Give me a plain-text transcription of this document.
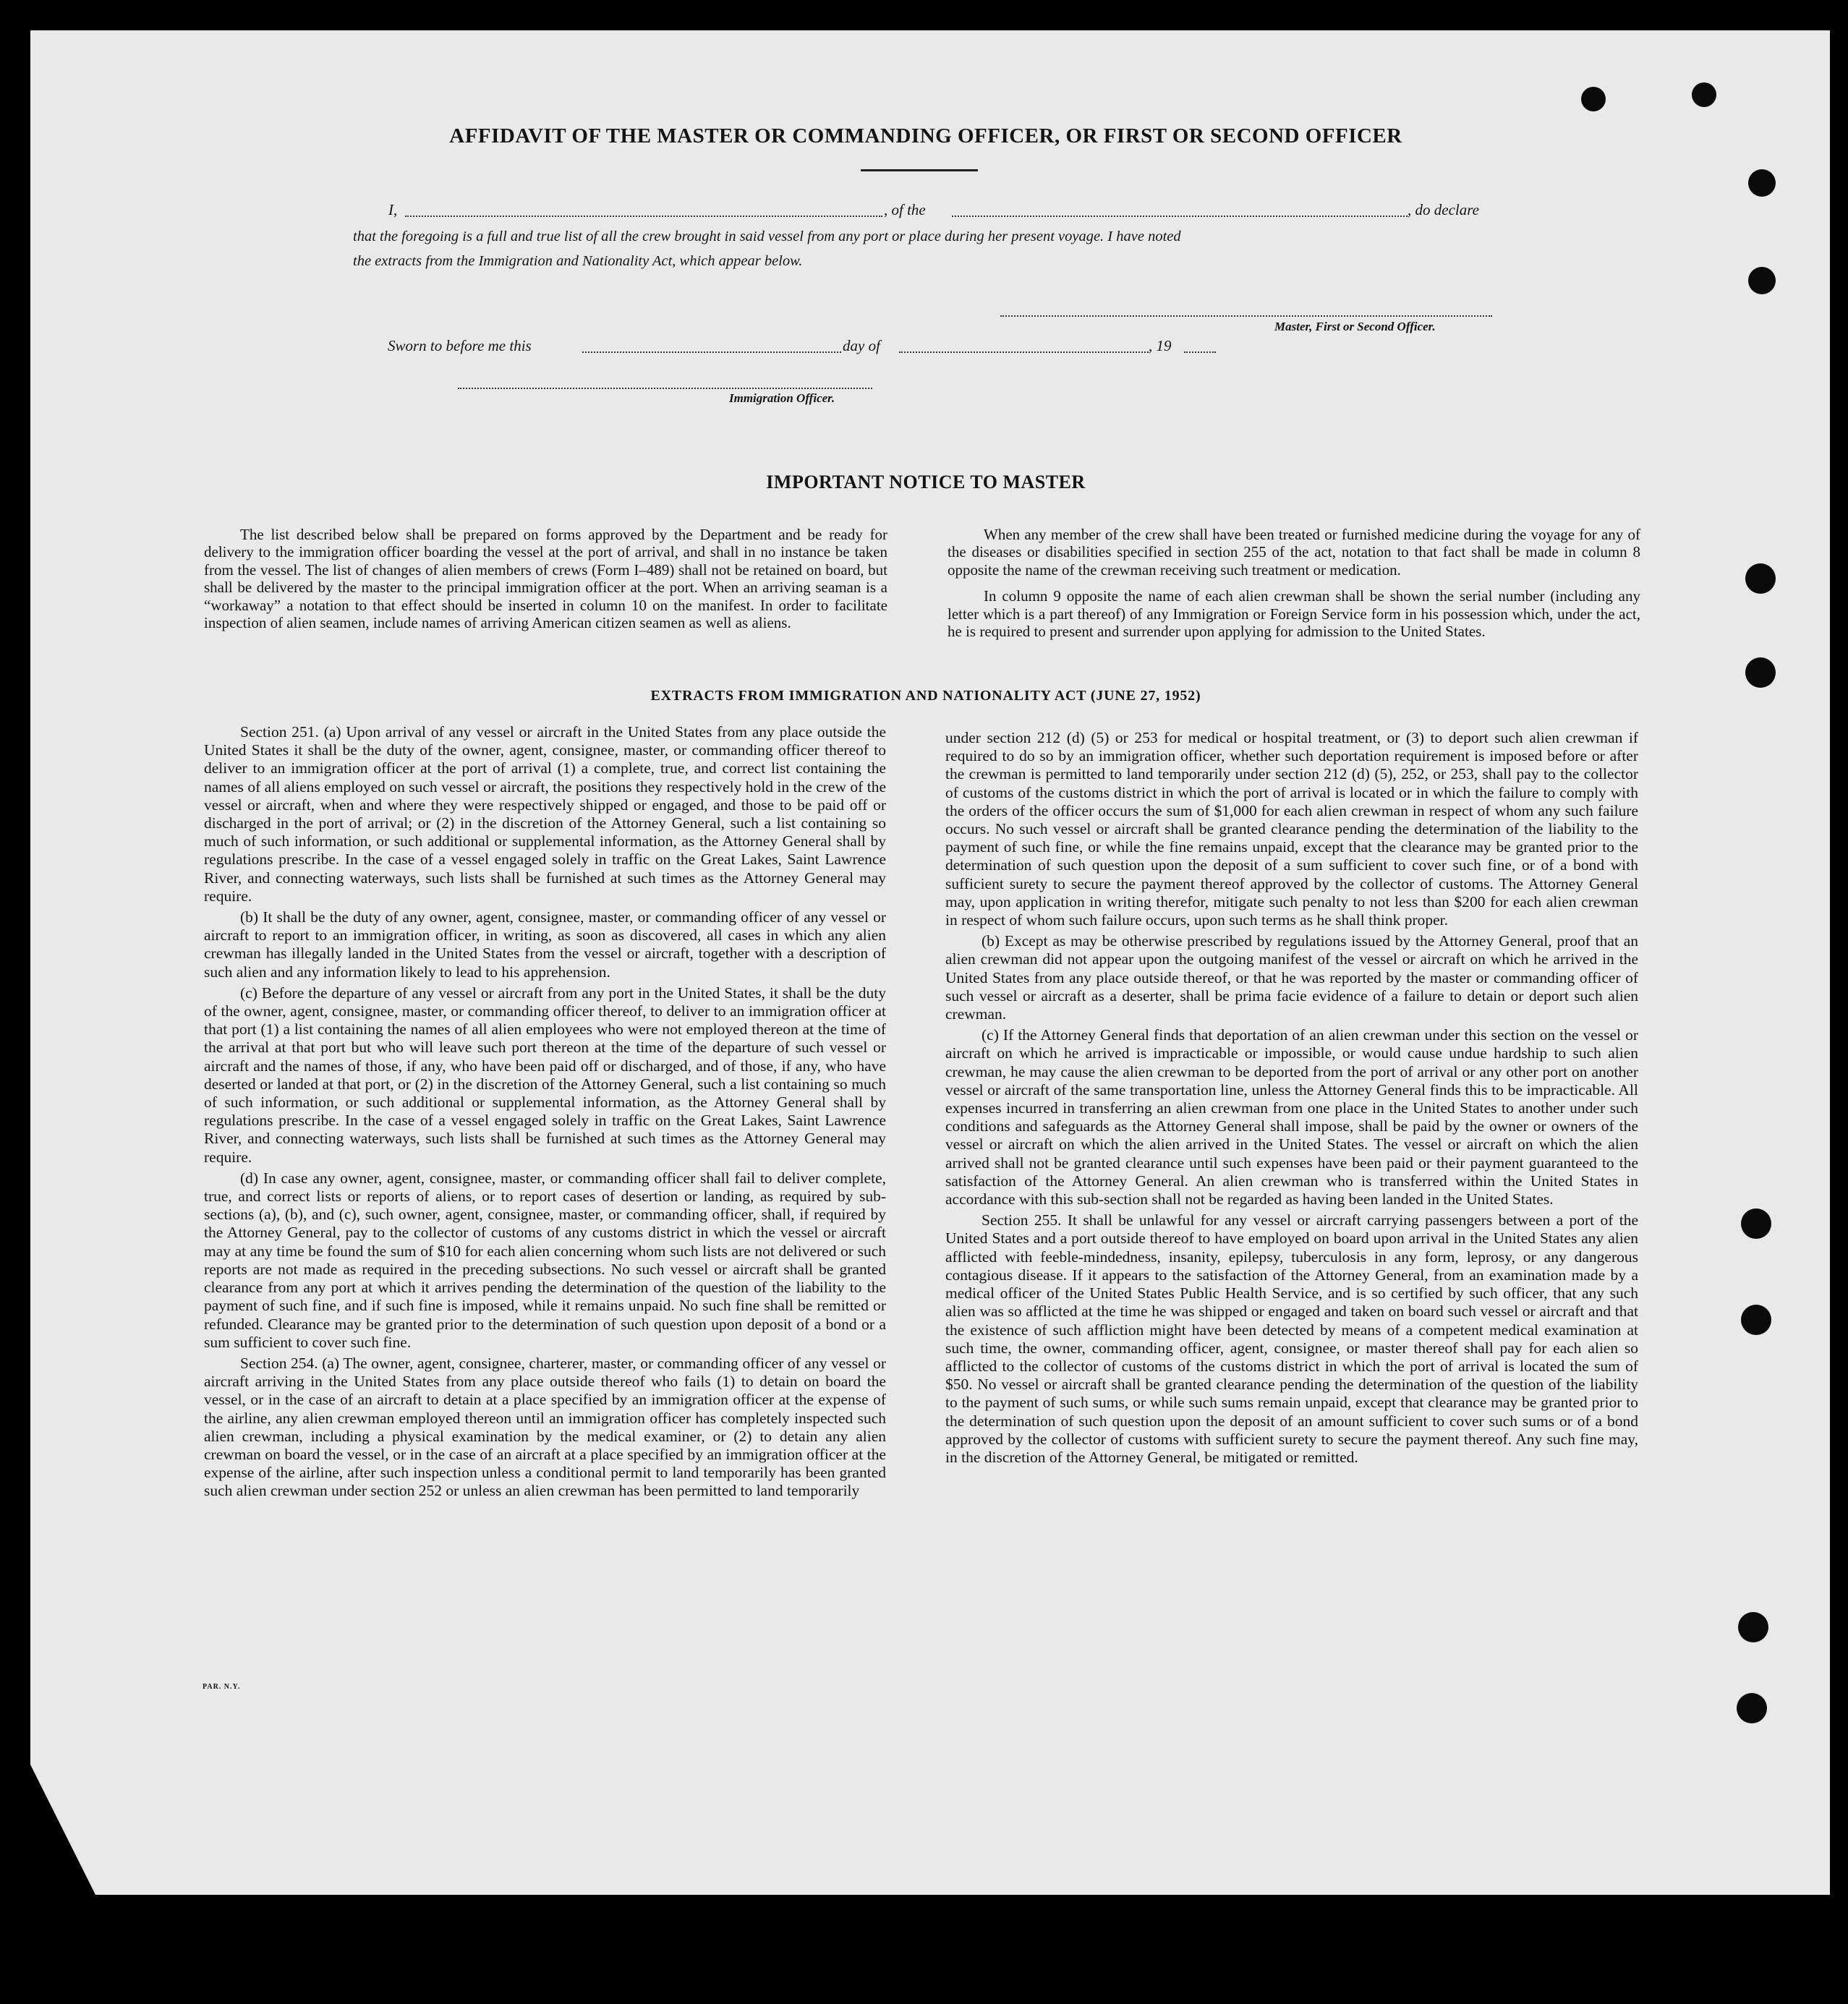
AFFIDAVIT OF THE MASTER OR COMMANDING OFFICER, OR FIRST OR SECOND OFFICER
I,	, of the	, do declare
that the foregoing is a full and true list of all the crew brought in said vessel from any port or place during her present voyage. I have noted
the extracts from the Immigration and Nationality Act, which appear below.
Master, First or Second Officer.
Sworn to before me this	day of	, 19
Immigration Officer.
IMPORTANT NOTICE TO MASTER

The list described below shall be prepared on forms approved by the Department and be ready for delivery to the immigration officer boarding the vessel at the port of arrival, and shall in no instance be taken from the vessel. The list of changes of alien members of crews (Form I–489) shall not be retained on board, but shall be delivered by the master to the principal immigration officer at the port. When an arriving seaman is a “workaway” a notation to that effect should be inserted in column 10 on the manifest. In order to facilitate inspection of alien seamen, include names of arriving American citizen seamen as well as aliens.

When any member of the crew shall have been treated or furnished medicine during the voyage for any of the diseases or disabilities specified in section 255 of the act, notation to that fact shall be made in column 8 opposite the name of the crewman receiving such treatment or medication.

In column 9 opposite the name of each alien crewman shall be shown the serial number (including any letter which is a part thereof) of any Immigration or Foreign Service form in his possession which, under the act, he is required to present and surrender upon applying for admission to the United States.

EXTRACTS FROM IMMIGRATION AND NATIONALITY ACT (JUNE 27, 1952)

Section 251. (a) Upon arrival of any vessel or aircraft in the United States from any place outside the United States it shall be the duty of the owner, agent, consignee, master, or commanding officer thereof to deliver to an immigration officer at the port of arrival (1) a complete, true, and correct list containing the names of all aliens employed on such vessel or aircraft, the positions they respectively hold in the crew of the vessel or aircraft, when and where they were respectively shipped or engaged, and those to be paid off or discharged in the port of arrival; or (2) in the discretion of the Attorney General, such a list containing so much of such information, or such additional or supplemental information, as the Attorney General shall by regulations prescribe. In the case of a vessel engaged solely in traffic on the Great Lakes, Saint Lawrence River, and connecting waterways, such lists shall be furnished at such times as the Attorney General may require.

(b) It shall be the duty of any owner, agent, consignee, master, or commanding officer of any vessel or aircraft to report to an immigration officer, in writing, as soon as discovered, all cases in which any alien crewman has illegally landed in the United States from the vessel or aircraft, together with a description of such alien and any information likely to lead to his apprehension.

(c) Before the departure of any vessel or aircraft from any port in the United States, it shall be the duty of the owner, agent, consignee, master, or commanding officer thereof, to deliver to an immigration officer at that port (1) a list containing the names of all alien employees who were not employed thereon at the time of the arrival at that port but who will leave such port thereon at the time of the departure of such vessel or aircraft and the names of those, if any, who have been paid off or discharged, and of those, if any, who have deserted or landed at that port, or (2) in the discretion of the Attorney General, such a list containing so much of such information, or such additional or supplemental information, as the Attorney General shall by regulations prescribe. In the case of a vessel engaged solely in traffic on the Great Lakes, Saint Lawrence River, and connecting waterways, such lists shall be furnished at such times as the Attorney General may require.

(d) In case any owner, agent, consignee, master, or commanding officer shall fail to deliver complete, true, and correct lists or reports of aliens, or to report cases of desertion or landing, as required by sub-sections (a), (b), and (c), such owner, agent, consignee, master, or commanding officer, shall, if required by the Attorney General, pay to the collector of customs of any customs district in which the vessel or aircraft may at any time be found the sum of $10 for each alien concerning whom such lists are not delivered or such reports are not made as required in the preceding subsections. No such vessel or aircraft shall be granted clearance from any port at which it arrives pending the determination of the question of the liability to the payment of such fine, and if such fine is imposed, while it remains unpaid. No such fine shall be remitted or refunded. Clearance may be granted prior to the determination of such question upon deposit of a bond or a sum sufficient to cover such fine.

Section 254. (a) The owner, agent, consignee, charterer, master, or commanding officer of any vessel or aircraft arriving in the United States from any place outside thereof who fails (1) to detain on board the vessel, or in the case of an aircraft to detain at a place specified by an immigration officer at the expense of the airline, any alien crewman employed thereon until an immigration officer has completely inspected such alien crewman, including a physical examination by the medical examiner, or (2) to detain any alien crewman on board the vessel, or in the case of an aircraft at a place specified by an immigration officer at the expense of the airline, after such inspection unless a conditional permit to land temporarily has been granted such alien crewman under section 252 or unless an alien crewman has been permitted to land temporarily

under section 212 (d) (5) or 253 for medical or hospital treatment, or (3) to deport such alien crewman if required to do so by an immigration officer, whether such deportation requirement is imposed before or after the crewman is permitted to land temporarily under section 212 (d) (5), 252, or 253, shall pay to the collector of customs of the customs district in which the port of arrival is located or in which the failure to comply with the orders of the officer occurs the sum of $1,000 for each alien crewman in respect of whom any such failure occurs. No such vessel or aircraft shall be granted clearance pending the determination of the liability to the payment of such fine, or while the fine remains unpaid, except that the clearance may be granted prior to the determination of such question upon the deposit of a sum sufficient to cover such fine, or of a bond with sufficient surety to secure the payment thereof approved by the collector of customs. The Attorney General may, upon application in writing therefor, mitigate such penalty to not less than $200 for each alien crewman in respect of whom such failure occurs, upon such terms as he shall think proper.

(b) Except as may be otherwise prescribed by regulations issued by the Attorney General, proof that an alien crewman did not appear upon the outgoing manifest of the vessel or aircraft on which he arrived in the United States from any place outside thereof, or that he was reported by the master or commanding officer of such vessel or aircraft as a deserter, shall be prima facie evidence of a failure to detain or deport such alien crewman.

(c) If the Attorney General finds that deportation of an alien crewman under this section on the vessel or aircraft on which he arrived is impracticable or impossible, or would cause undue hardship to such alien crewman, he may cause the alien crewman to be deported from the port of arrival or any other port on another vessel or aircraft of the same transportation line, unless the Attorney General finds this to be impracticable. All expenses incurred in transferring an alien crewman from one place in the United States to another under such conditions and safeguards as the Attorney General shall impose, shall be paid by the owner or owners of the vessel or aircraft on which the alien arrived in the United States. The vessel or aircraft on which the alien arrived shall not be granted clearance until such expenses have been paid or their payment guaranteed to the satisfaction of the Attorney General. An alien crewman who is transferred within the United States in accordance with this sub-section shall not be regarded as having been landed in the United States.

Section 255. It shall be unlawful for any vessel or aircraft carrying passengers between a port of the United States and a port outside thereof to have employed on board upon arrival in the United States any alien afflicted with feeble-mindedness, insanity, epilepsy, tuberculosis in any form, leprosy, or any dangerous contagious disease. If it appears to the satisfaction of the Attorney General, from an examination made by a medical officer of the United States Public Health Service, and is so certified by such officer, that any such alien was so afflicted at the time he was shipped or engaged and taken on board such vessel or aircraft and that the existence of such affliction might have been detected by means of a competent medical examination at such time, the owner, commanding officer, agent, consignee, or master thereof shall pay for each alien so afflicted to the collector of customs of the customs district in which the port of arrival is located the sum of $50. No vessel or aircraft shall be granted clearance pending the determination of the question of the liability to the payment of such sums, or while such sums remain unpaid, except that clearance may be granted prior to the determination of such question upon the deposit of an amount sufficient to cover such sums or of a bond approved by the collector of customs with sufficient surety to secure the payment thereof. Any such fine may, in the discretion of the Attorney General, be mitigated or remitted.

PAR. N.Y.
